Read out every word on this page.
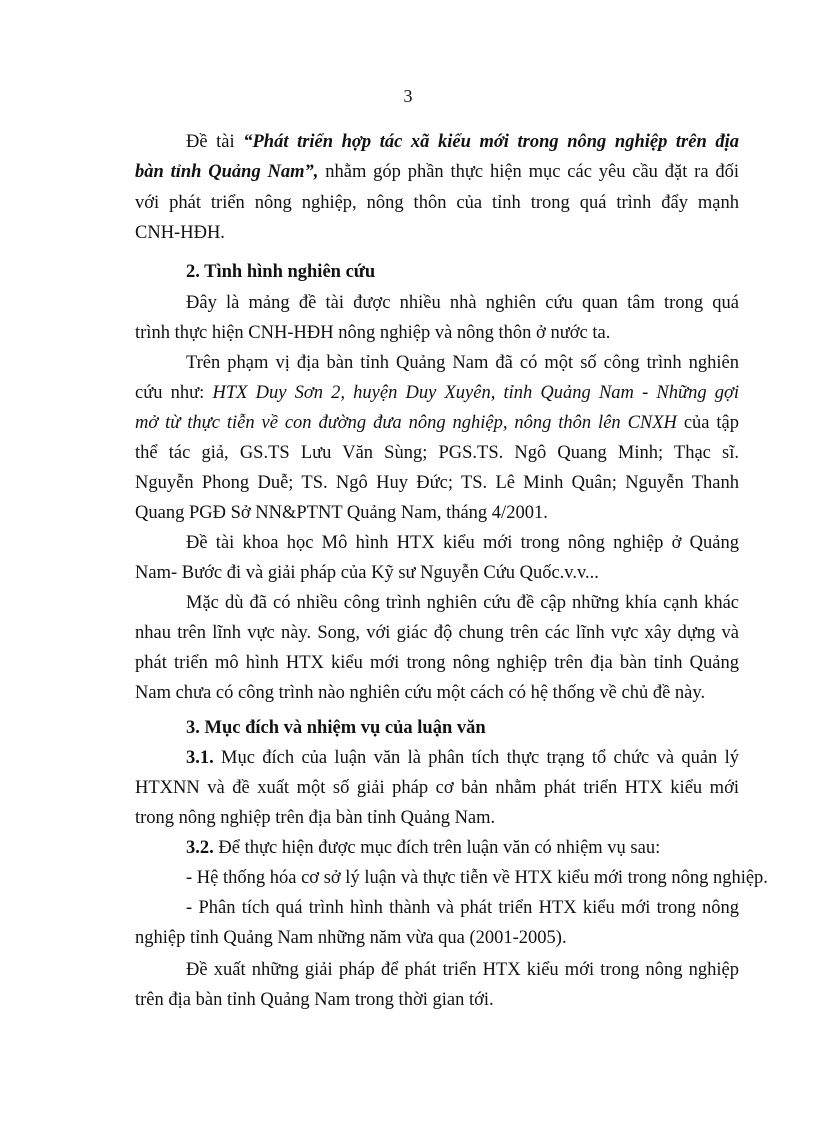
3
Đề tài “Phát triển hợp tác xã kiểu mới trong nông nghiệp trên địa
bàn tỉnh Quảng Nam”, nhằm góp phần thực hiện mục các yêu cầu đặt ra đối
với phát triển nông nghiệp, nông thôn của tỉnh trong quá trình đẩy mạnh
CNH-HĐH.
2. Tình hình nghiên cứu
Đây là mảng đề tài được nhiều nhà nghiên cứu quan tâm trong quá
trình thực hiện CNH-HĐH nông nghiệp và nông thôn ở nước ta.
Trên phạm vị địa bàn tỉnh Quảng Nam đã có một số công trình nghiên
cứu như: HTX Duy Sơn 2, huyện Duy Xuyên, tỉnh Quảng Nam - Những gợi
mở từ thực tiễn về con đường đưa nông nghiệp, nông thôn lên CNXH của tập
thể tác giả, GS.TS Lưu Văn Sùng; PGS.TS. Ngô Quang Minh; Thạc sĩ.
Nguyễn Phong Duễ; TS. Ngô Huy Đức; TS. Lê Minh Quân; Nguyễn Thanh
Quang PGĐ Sở NN&PTNT Quảng Nam, tháng 4/2001.
Đề tài khoa học Mô hình HTX kiểu mới trong nông nghiệp ở Quảng
Nam- Bước đi và giải pháp của Kỹ sư Nguyễn Cứu Quốc.v.v...
Mặc dù đã có nhiều công trình nghiên cứu đề cập những khía cạnh khác
nhau trên lĩnh vực này. Song, với giác độ chung trên các lĩnh vực xây dựng và
phát triển mô hình HTX kiểu mới trong nông nghiệp trên địa bàn tỉnh Quảng
Nam chưa có công trình nào nghiên cứu một cách có hệ thống về chủ đề này.
3. Mục đích và nhiệm vụ của luận văn
3.1. Mục đích của luận văn là phân tích thực trạng tổ chức và quản lý
HTXNN và đề xuất một số giải pháp cơ bản nhằm phát triển HTX kiểu mới
trong nông nghiệp trên địa bàn tỉnh Quảng Nam.
3.2. Để thực hiện được mục đích trên luận văn có nhiệm vụ sau:
- Hệ thống hóa cơ sở lý luận và thực tiễn về HTX kiểu mới trong nông nghiệp.
- Phân tích quá trình hình thành và phát triển HTX kiểu mới trong nông
nghiệp tỉnh Quảng Nam những năm vừa qua (2001-2005).
Đề xuất những giải pháp để phát triển HTX kiểu mới trong nông nghiệp
trên địa bàn tỉnh Quảng Nam trong thời gian tới.
